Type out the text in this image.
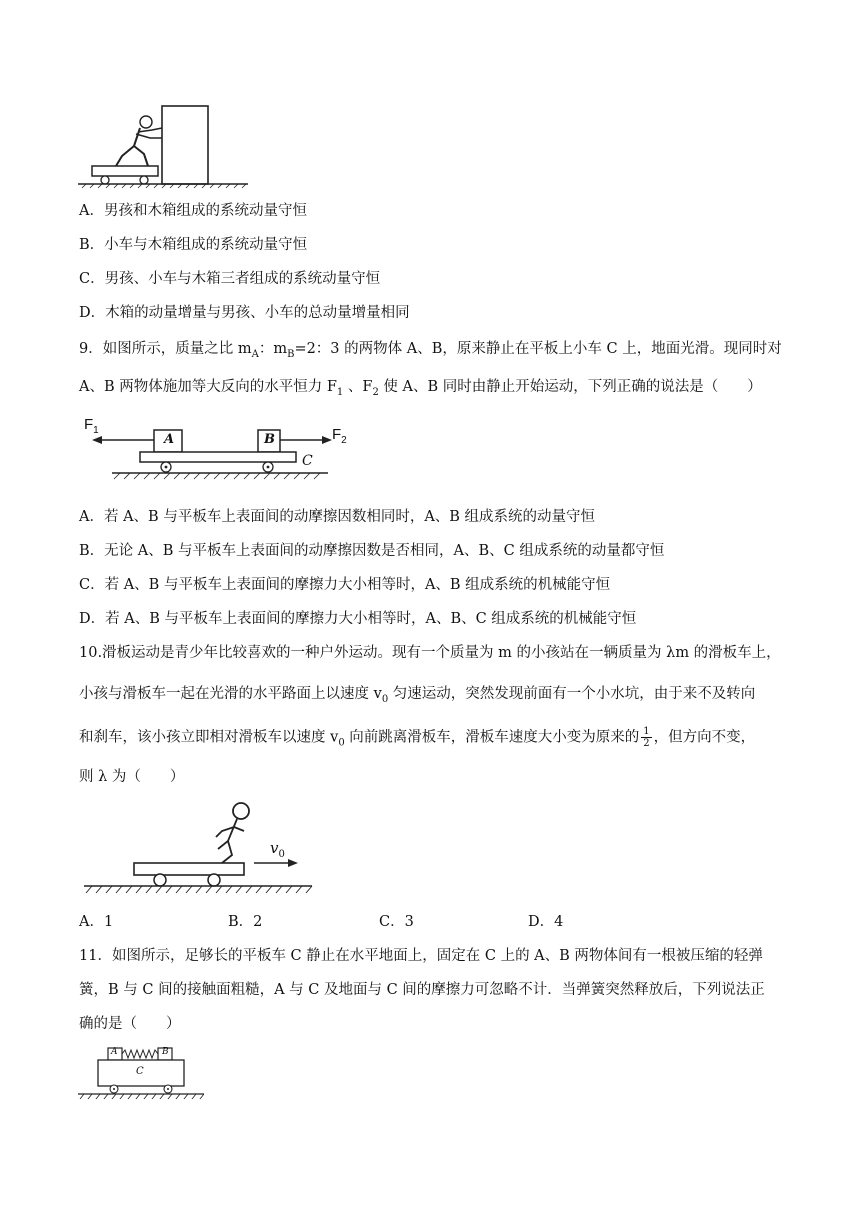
A．男孩和木箱组成的系统动量守恒
B．小车与木箱组成的系统动量守恒
C．男孩、小车与木箱三者组成的系统动量守恒
D．木箱的动量增量与男孩、小车的总动量增量相同
9．如图所示，质量之比 $m_A$：$m_B=2$：3 的两物体 A、B，原来静止在平板上小车 C 上，地面光滑。现同时对
A、B 两物体施加等大反向的水平恒力 $F_1$ 、$F_2$ 使 A、B 同时由静止开始运动，下列正确的说法是（　　）
$F_1$	$F_2$
A	B
C
A．若 A、B 与平板车上表面间的动摩擦因数相同时，A、B 组成系统的动量守恒
B．无论 A、B 与平板车上表面间的动摩擦因数是否相同，A、B、C 组成系统的动量都守恒
C．若 A、B 与平板车上表面间的摩擦力大小相等时，A、B 组成系统的机械能守恒
D．若 A、B 与平板车上表面间的摩擦力大小相等时，A、B、C 组成系统的机械能守恒
10.滑板运动是青少年比较喜欢的一种户外运动。现有一个质量为 m 的小孩站在一辆质量为 λm 的滑板车上，
小孩与滑板车一起在光滑的水平路面上以速度 $v_0$ 匀速运动，突然发现前面有一个小水坑，由于来不及转向
和刹车，该小孩立即相对滑板车以速度 $v_0$ 向前跳离滑板车，滑板车速度大小变为原来的 $\frac{1}{2}$ ，但方向不变，
则 λ 为（　　）
$v_0$
A．1	B．2	C．3	D．4
11．如图所示，足够长的平板车 C 静止在水平地面上，固定在 C 上的 A、B 两物体间有一根被压缩的轻弹
簧，B 与 C 间的接触面粗糙，A 与 C 及地面与 C 间的摩擦力可忽略不计．当弹簧突然释放后，下列说法正
确的是（　　）
A	B
C
